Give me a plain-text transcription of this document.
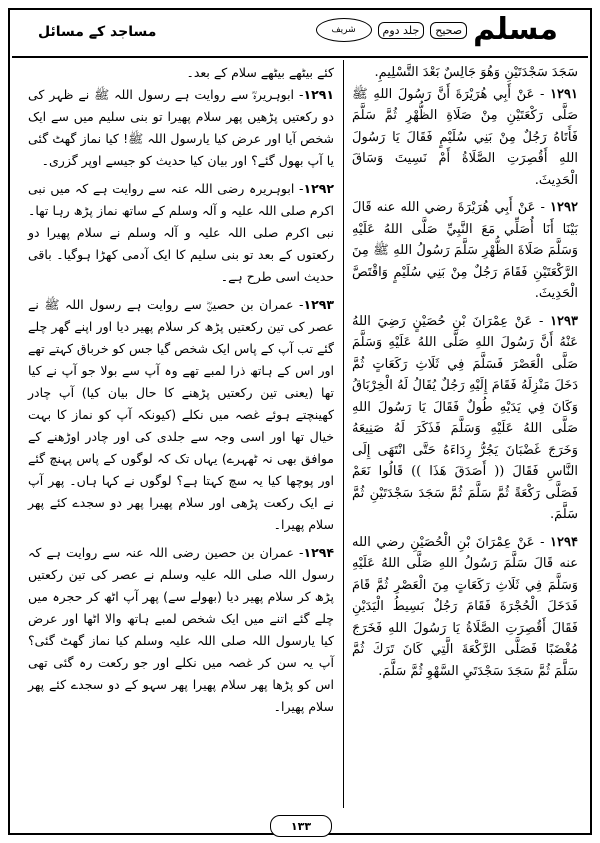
مسلم
صحیح
جلد دوم
شریف
مساجد کے مسائل

سَجَدَ سَجْدَتَيْنِ وَهُوَ جَالِسٌ بَعْدَ التَّسْلِيمِ.

۱۲۹۱ - عَنْ أَبِي هُرَيْرَةَ أَنَّ رَسُولَ اللهِ ﷺ صَلَّى رَكْعَتَيْنِ مِنْ صَلَاةِ الظُّهْرِ ثُمَّ سَلَّمَ فَأَتَاهُ رَجُلٌ مِنْ بَنِي سُلَيْمٍ فَقَالَ يَا رَسُولَ اللهِ أَقُصِرَتِ الصَّلَاةُ أَمْ نَسِيتَ وَسَاقَ الْحَدِيثَ.

۱۲۹۲ - عَنْ أَبِي هُرَيْرَةَ رضي الله عنه قَالَ بَيْنَا أَنَا أُصَلِّي مَعَ النَّبِيِّ صَلَّى اللهُ عَلَيْهِ وَسَلَّمَ صَلَاةَ الظُّهْرِ سَلَّمَ رَسُولُ اللهِ ﷺ مِنَ الرَّكْعَتَيْنِ فَقَامَ رَجُلٌ مِنْ بَنِي سُلَيْمٍ وَاقْتَصَّ الْحَدِيثَ.

۱۲۹۳ - عَنْ عِمْرَانَ بْنِ حُصَيْنٍ رَضِيَ اللهُ عَنْهُ أَنَّ رَسُولَ اللهِ صَلَّى اللهُ عَلَيْهِ وَسَلَّمَ صَلَّى الْعَصْرَ فَسَلَّمَ فِي ثَلَاثِ رَكَعَاتٍ ثُمَّ دَخَلَ مَنْزِلَهُ فَقَامَ إِلَيْهِ رَجُلٌ يُقَالُ لَهُ الْخِرْبَاقُ وَكَانَ فِي يَدَيْهِ طُولٌ فَقَالَ يَا رَسُولَ اللهِ صَلَّى اللهُ عَلَيْهِ وَسَلَّمَ فَذَكَرَ لَهُ صَنِيعَهُ وَخَرَجَ غَضْبَانَ يَجُرُّ رِدَاءَهُ حَتَّى انْتَهَى إِلَى النَّاسِ فَقَالَ (( أَصَدَقَ هَذَا )) قَالُوا نَعَمْ فَصَلَّى رَكْعَةً ثُمَّ سَلَّمَ ثُمَّ سَجَدَ سَجْدَتَيْنِ ثُمَّ سَلَّمَ.

۱۲۹۴ - عَنْ عِمْرَانَ بْنِ الْحُصَيْنِ رضي الله عنه قَالَ سَلَّمَ رَسُولُ اللهِ صَلَّى اللهُ عَلَيْهِ وَسَلَّمَ فِي ثَلَاثِ رَكَعَاتٍ مِنَ الْعَصْرِ ثُمَّ قَامَ فَدَخَلَ الْحُجْرَةَ فَقَامَ رَجُلٌ بَسِيطُ الْيَدَيْنِ فَقَالَ أَقُصِرَتِ الصَّلَاةُ يَا رَسُولَ اللهِ فَخَرَجَ مُغْضَبًا فَصَلَّى الرَّكْعَةَ الَّتِي كَانَ تَرَكَ ثُمَّ سَلَّمَ ثُمَّ سَجَدَ سَجْدَتَيِ السَّهْوِ ثُمَّ سَلَّمَ.

کئے بیٹھے بیٹھے سلام کے بعد۔

۱۲۹۱- ابوہریرہؓ سے روایت ہے رسول اللہ ﷺ نے ظہر کی دو رکعتیں پڑھیں پھر سلام پھیرا تو بنی سلیم میں سے ایک شخص آیا اور عرض کیا یارسول اللہ ﷺ! کیا نماز گھٹ گئی یا آپ بھول گئے؟ اور بیان کیا حدیث کو جیسے اوپر گزری۔

۱۲۹۲- ابوہریرہ رضی اللہ عنہ سے روایت ہے کہ میں نبی اکرم صلی اللہ علیہ و آلہ وسلم کے ساتھ نماز پڑھ رہا تھا۔ نبی اکرم صلی اللہ علیہ و آلہ وسلم نے سلام پھیرا دو رکعتوں کے بعد تو بنی سلیم کا ایک آدمی کھڑا ہوگیا۔ باقی حدیث اسی طرح ہے۔

۱۲۹۳- عمران بن حصینؓ سے روایت ہے رسول اللہ ﷺ نے عصر کی تین رکعتیں پڑھ کر سلام پھیر دیا اور اپنے گھر چلے گئے تب آپ کے پاس ایک شخص گیا جس کو خرباق کہتے تھے اور اس کے ہاتھ ذرا لمبے تھے وہ آپ سے بولا جو آپ نے کیا تھا (یعنی تین رکعتیں پڑھنے کا حال بیان کیا) آپ چادر کھینچتے ہوئے غصہ میں نکلے (کیونکہ آپ کو نماز کا بہت خیال تھا اور اسی وجہ سے جلدی کی اور چادر اوڑھنے کے موافق بھی نہ ٹھہرے) یہاں تک کہ لوگوں کے پاس پہنچ گئے اور پوچھا کیا یہ سچ کہتا ہے؟ لوگوں نے کہا ہاں۔ پھر آپ نے ایک رکعت پڑھی اور سلام پھیرا پھر دو سجدے کئے پھر سلام پھیرا۔

۱۲۹۴- عمران بن حصین رضی اللہ عنہ سے روایت ہے کہ رسول اللہ صلی اللہ علیہ وسلم نے عصر کی تین رکعتیں پڑھ کر سلام پھیر دیا (بھولے سے) پھر آپ اٹھ کر حجرہ میں چلے گئے اتنے میں ایک شخص لمبے ہاتھ والا اٹھا اور عرض کیا یارسول اللہ صلی اللہ علیہ وسلم کیا نماز گھٹ گئی؟ آپ یہ سن کر غصہ میں نکلے اور جو رکعت رہ گئی تھی اس کو پڑھا پھر سلام پھیرا پھر سہو کے دو سجدے کئے پھر سلام پھیرا۔

۱۳۳
